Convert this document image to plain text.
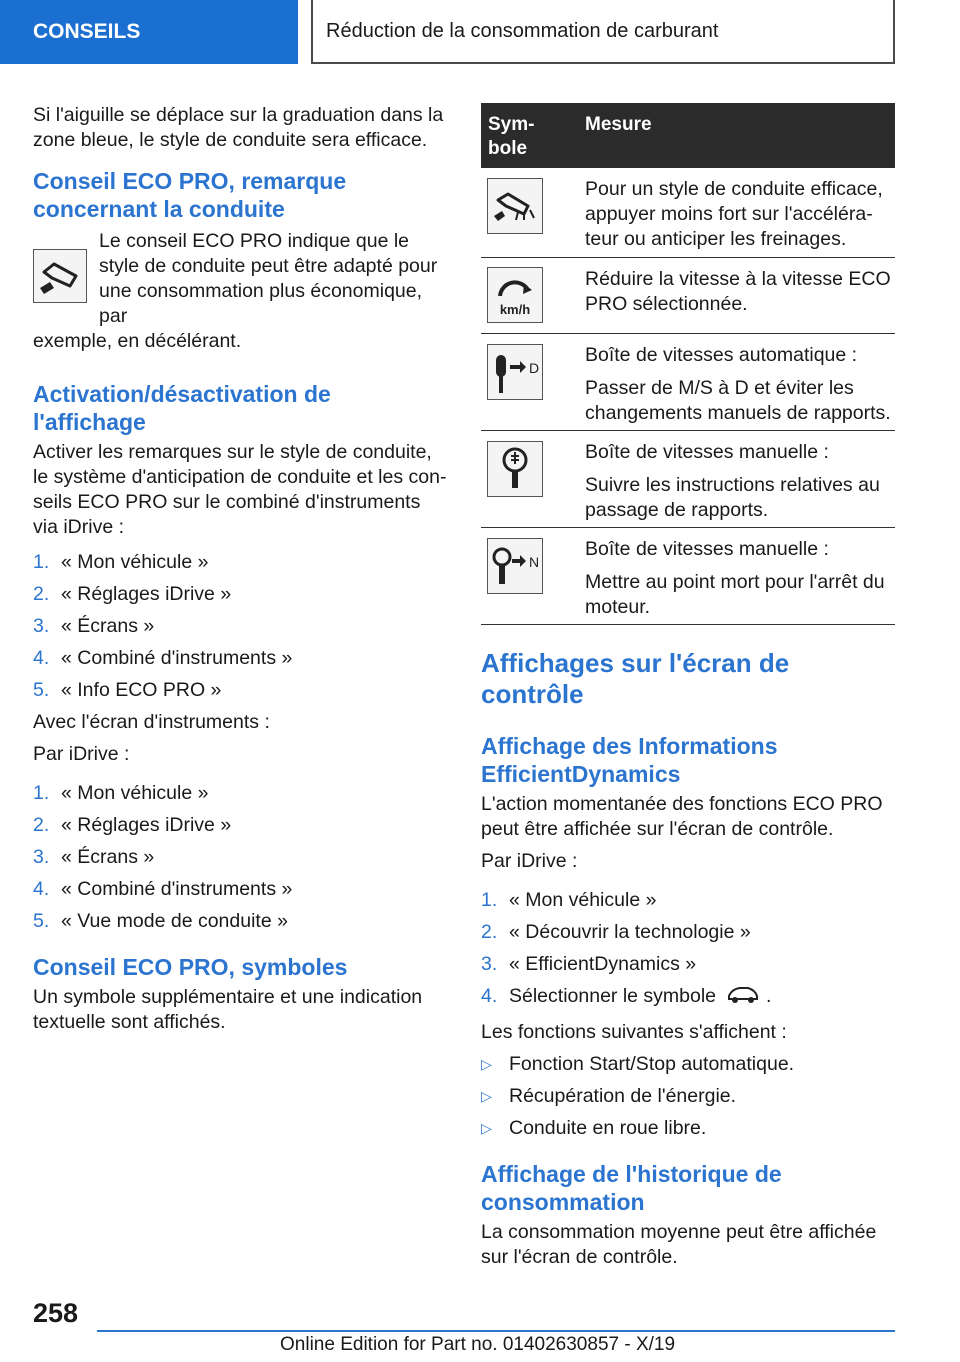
CONSEILS	Réduction de la consommation de carburant

Si l'aiguille se déplace sur la graduation dans la zone bleue, le style de conduite sera efficace.

Conseil ECO PRO, remarque concernant la conduite

Le conseil ECO PRO indique que le style de conduite peut être adapté pour une consommation plus économique, par

exemple, en décélérant.

Activation/désactivation de l'affichage

Activer les remarques sur le style de conduite, le système d'anticipation de conduite et les conseils ECO PRO sur le combiné d'instruments via iDrive :

1. « Mon véhicule »
2. « Réglages iDrive »
3. « Écrans »
4. « Combiné d'instruments »
5. « Info ECO PRO »

Avec l'écran d'instruments :

Par iDrive :

1. « Mon véhicule »
2. « Réglages iDrive »
3. « Écrans »
4. « Combiné d'instruments »
5. « Vue mode de conduite »
Conseil ECO PRO, symboles

Un symbole supplémentaire et une indication textuelle sont affichés.

Symbole
Mesure

Pour un style de conduite efficace, appuyer moins fort sur l'accélérateur ou anticiper les freinages.

km/h

Réduire la vitesse à la vitesse ECO PRO sélectionnée.

D

Boîte de vitesses automatique :

Passer de M/S à D et éviter les changements manuels de rapports.

Boîte de vitesses manuelle :

Suivre les instructions relatives au passage de rapports.

N

Boîte de vitesses manuelle :

Mettre au point mort pour l'arrêt du moteur.

Affichages sur l'écran de contrôle
Affichage des Informations EfficientDynamics

L'action momentanée des fonctions ECO PRO peut être affichée sur l'écran de contrôle.

Par iDrive :

1. « Mon véhicule »
2. « Découvrir la technologie »
3. « EfficientDynamics »
4. Sélectionner le symbole	.

Les fonctions suivantes s'affichent :

▷ Fonction Start/Stop automatique.
▷ Récupération de l'énergie.
▷ Conduite en roue libre.
Affichage de l'historique de consommation

La consommation moyenne peut être affichée sur l'écran de contrôle.

258
Online Edition for Part no. 01402630857 - X/19
